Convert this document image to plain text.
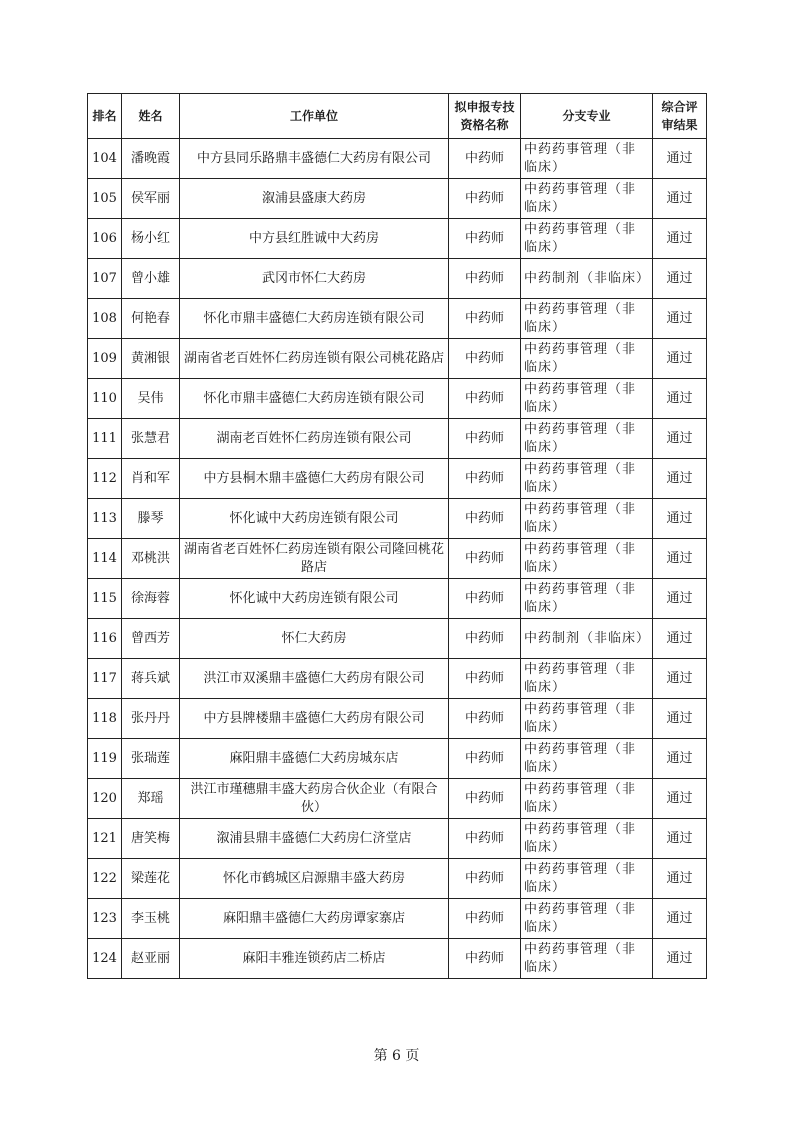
排名	姓名	工作单位	拟申报专技资格名称	分支专业	综合评审结果
104	潘晚霞	中方县同乐路鼎丰盛德仁大药房有限公司	中药师	中药药事管理（非临床）	通过
105	侯军丽	溆浦县盛康大药房	中药师	中药药事管理（非临床）	通过
106	杨小红	中方县红胜诚中大药房	中药师	中药药事管理（非临床）	通过
107	曾小雄	武冈市怀仁大药房	中药师	中药制剂（非临床）	通过
108	何艳春	怀化市鼎丰盛德仁大药房连锁有限公司	中药师	中药药事管理（非临床）	通过
109	黄湘银	湖南省老百姓怀仁药房连锁有限公司桃花路店	中药师	中药药事管理（非临床）	通过
110	吴伟	怀化市鼎丰盛德仁大药房连锁有限公司	中药师	中药药事管理（非临床）	通过
111	张慧君	湖南老百姓怀仁药房连锁有限公司	中药师	中药药事管理（非临床）	通过
112	肖和军	中方县桐木鼎丰盛德仁大药房有限公司	中药师	中药药事管理（非临床）	通过
113	滕琴	怀化诚中大药房连锁有限公司	中药师	中药药事管理（非临床）	通过
114	邓桃洪	湖南省老百姓怀仁药房连锁有限公司隆回桃花路店	中药师	中药药事管理（非临床）	通过
115	徐海蓉	怀化诚中大药房连锁有限公司	中药师	中药药事管理（非临床）	通过
116	曾西芳	怀仁大药房	中药师	中药制剂（非临床）	通过
117	蒋兵斌	洪江市双溪鼎丰盛德仁大药房有限公司	中药师	中药药事管理（非临床）	通过
118	张丹丹	中方县牌楼鼎丰盛德仁大药房有限公司	中药师	中药药事管理（非临床）	通过
119	张瑞莲	麻阳鼎丰盛德仁大药房城东店	中药师	中药药事管理（非临床）	通过
120	郑瑶	洪江市瑾穗鼎丰盛大药房合伙企业（有限合伙）	中药师	中药药事管理（非临床）	通过
121	唐笑梅	溆浦县鼎丰盛德仁大药房仁济堂店	中药师	中药药事管理（非临床）	通过
122	梁莲花	怀化市鹤城区启源鼎丰盛大药房	中药师	中药药事管理（非临床）	通过
123	李玉桃	麻阳鼎丰盛德仁大药房谭家寨店	中药师	中药药事管理（非临床）	通过
124	赵亚丽	麻阳丰雅连锁药店二桥店	中药师	中药药事管理（非临床）	通过
第 6 页
